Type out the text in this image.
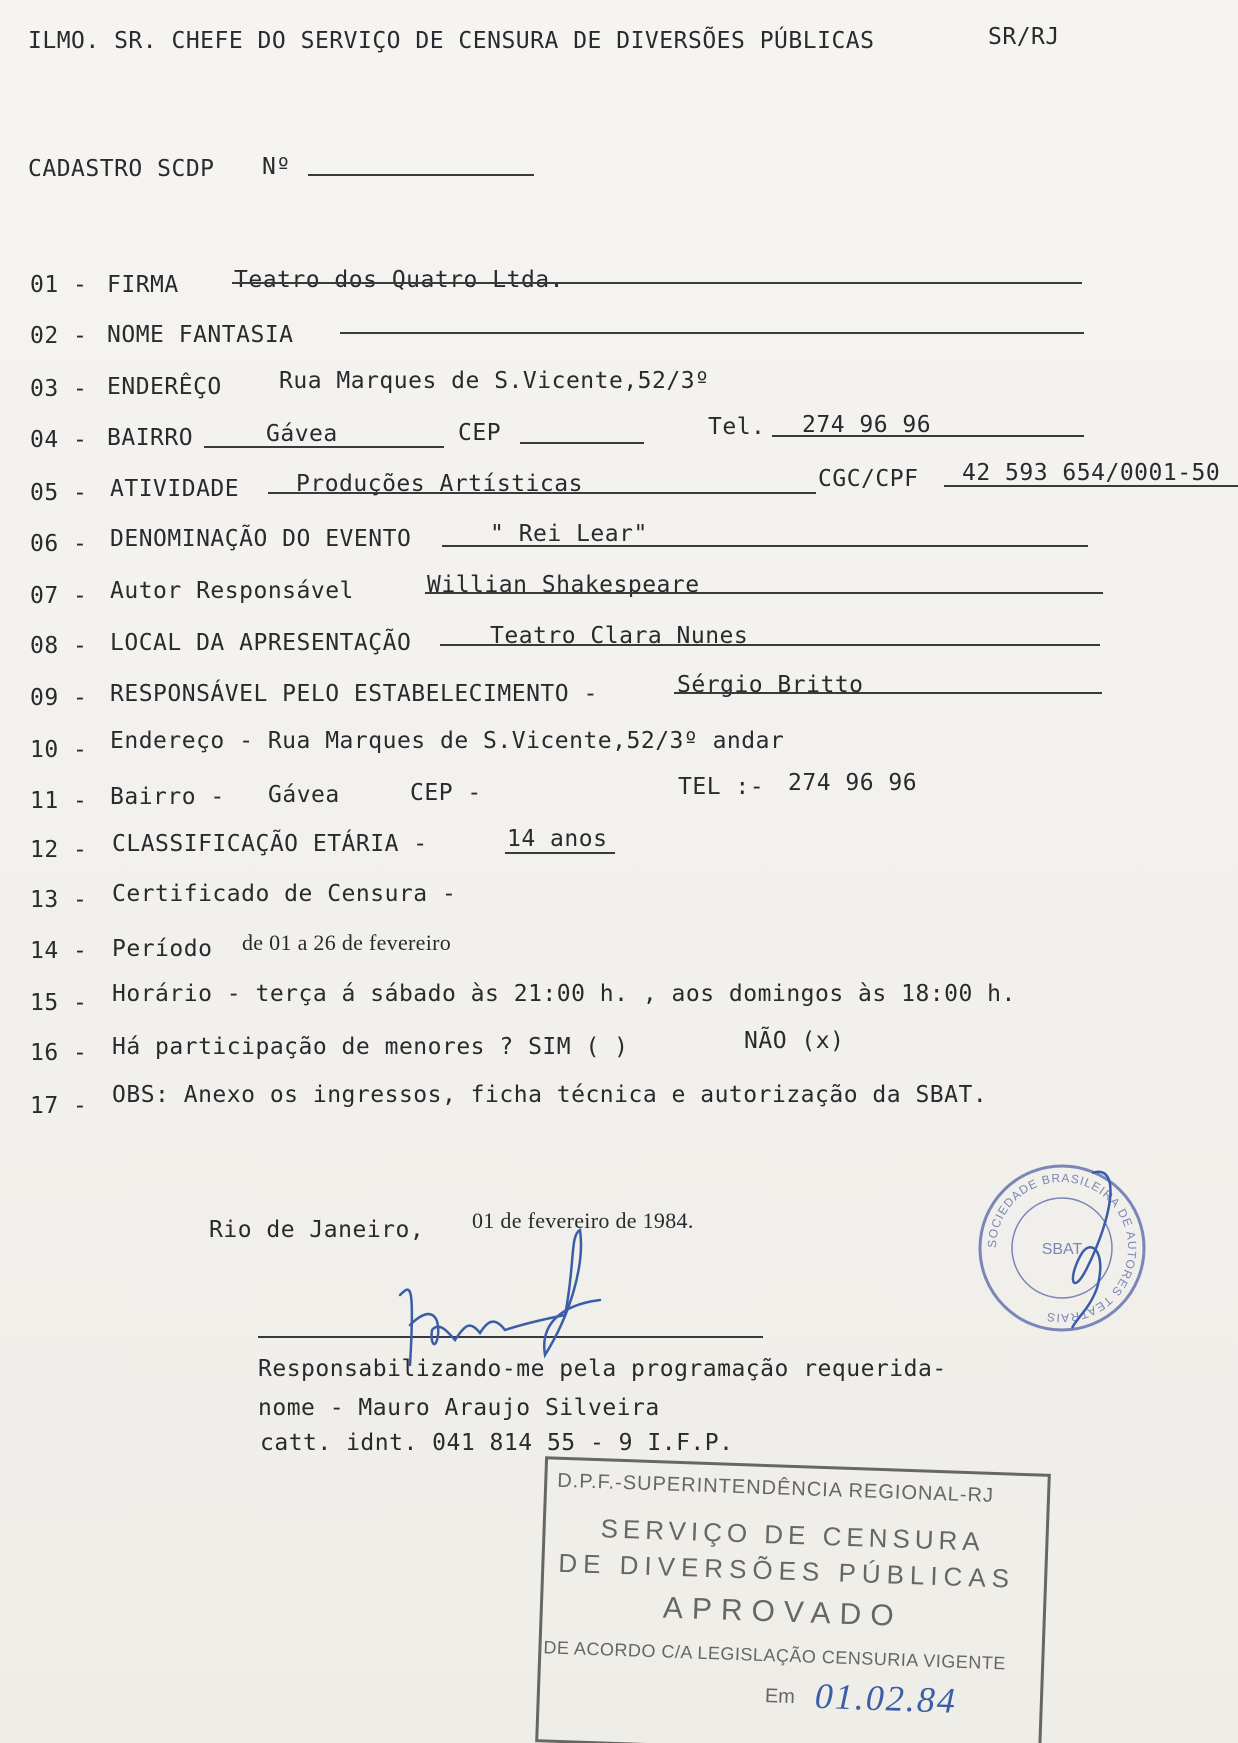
ILMO. SR. CHEFE DO SERVIÇO DE CENSURA DE DIVERSÕES PÚBLICAS	SR/RJ
CADASTRO SCDP Nº
01 - FIRMA Teatro dos Quatro Ltda.
02 - NOME FANTASIA
03 - ENDERÊÇO Rua Marques de S.Vicente,52/3º
04 - BAIRRO	Gávea	CEP	Tel. 274 96 96
05 - ATIVIDADE Produções Artísticas	CGC/CPF 42 593 654/0001-50
06 - DENOMINAÇÃO DO EVENTO	" Rei Lear"
07 - Autor Responsável	Willian Shakespeare
08 - LOCAL DA APRESENTAÇÃO	Teatro Clara Nunes
09 - RESPONSÁVEL PELO ESTABELECIMENTO -	Sérgio Britto
10 - Endereço - Rua Marques de S.Vicente,52/3º andar
11 - Bairro - Gávea	CEP -	TEL :- 274 96 96
12 - CLASSIFICAÇÃO ETÁRIA -	14 anos
13 - Certificado de Censura -
14 - Período de 01 a 26 de fevereiro
15 - Horário - terça á sábado às 21:00 h. , aos domingos às 18:00 h.
16 - Há participação de menores ? SIM ( )	NÃO (x)
17 - OBS: Anexo os ingressos, ficha técnica e autorização da SBAT.
Rio de Janeiro, 01 de fevereiro de 1984.
Responsabilizando-me pela programação requerida-
nome - Mauro Araujo Silveira
catt. idnt. 041 814 55 - 9 I.F.P.
SOCIEDADE BRASILEIRA DE AUTORES TEATRAIS
SBAT
D.P.F.-SUPERINTENDÊNCIA REGIONAL-RJ
SERVIÇO DE CENSURA
DE DIVERSÕES PÚBLICAS
APROVADO
DE ACORDO C/A LEGISLAÇÃO CENSURIA VIGENTE
Em 01.02.84
